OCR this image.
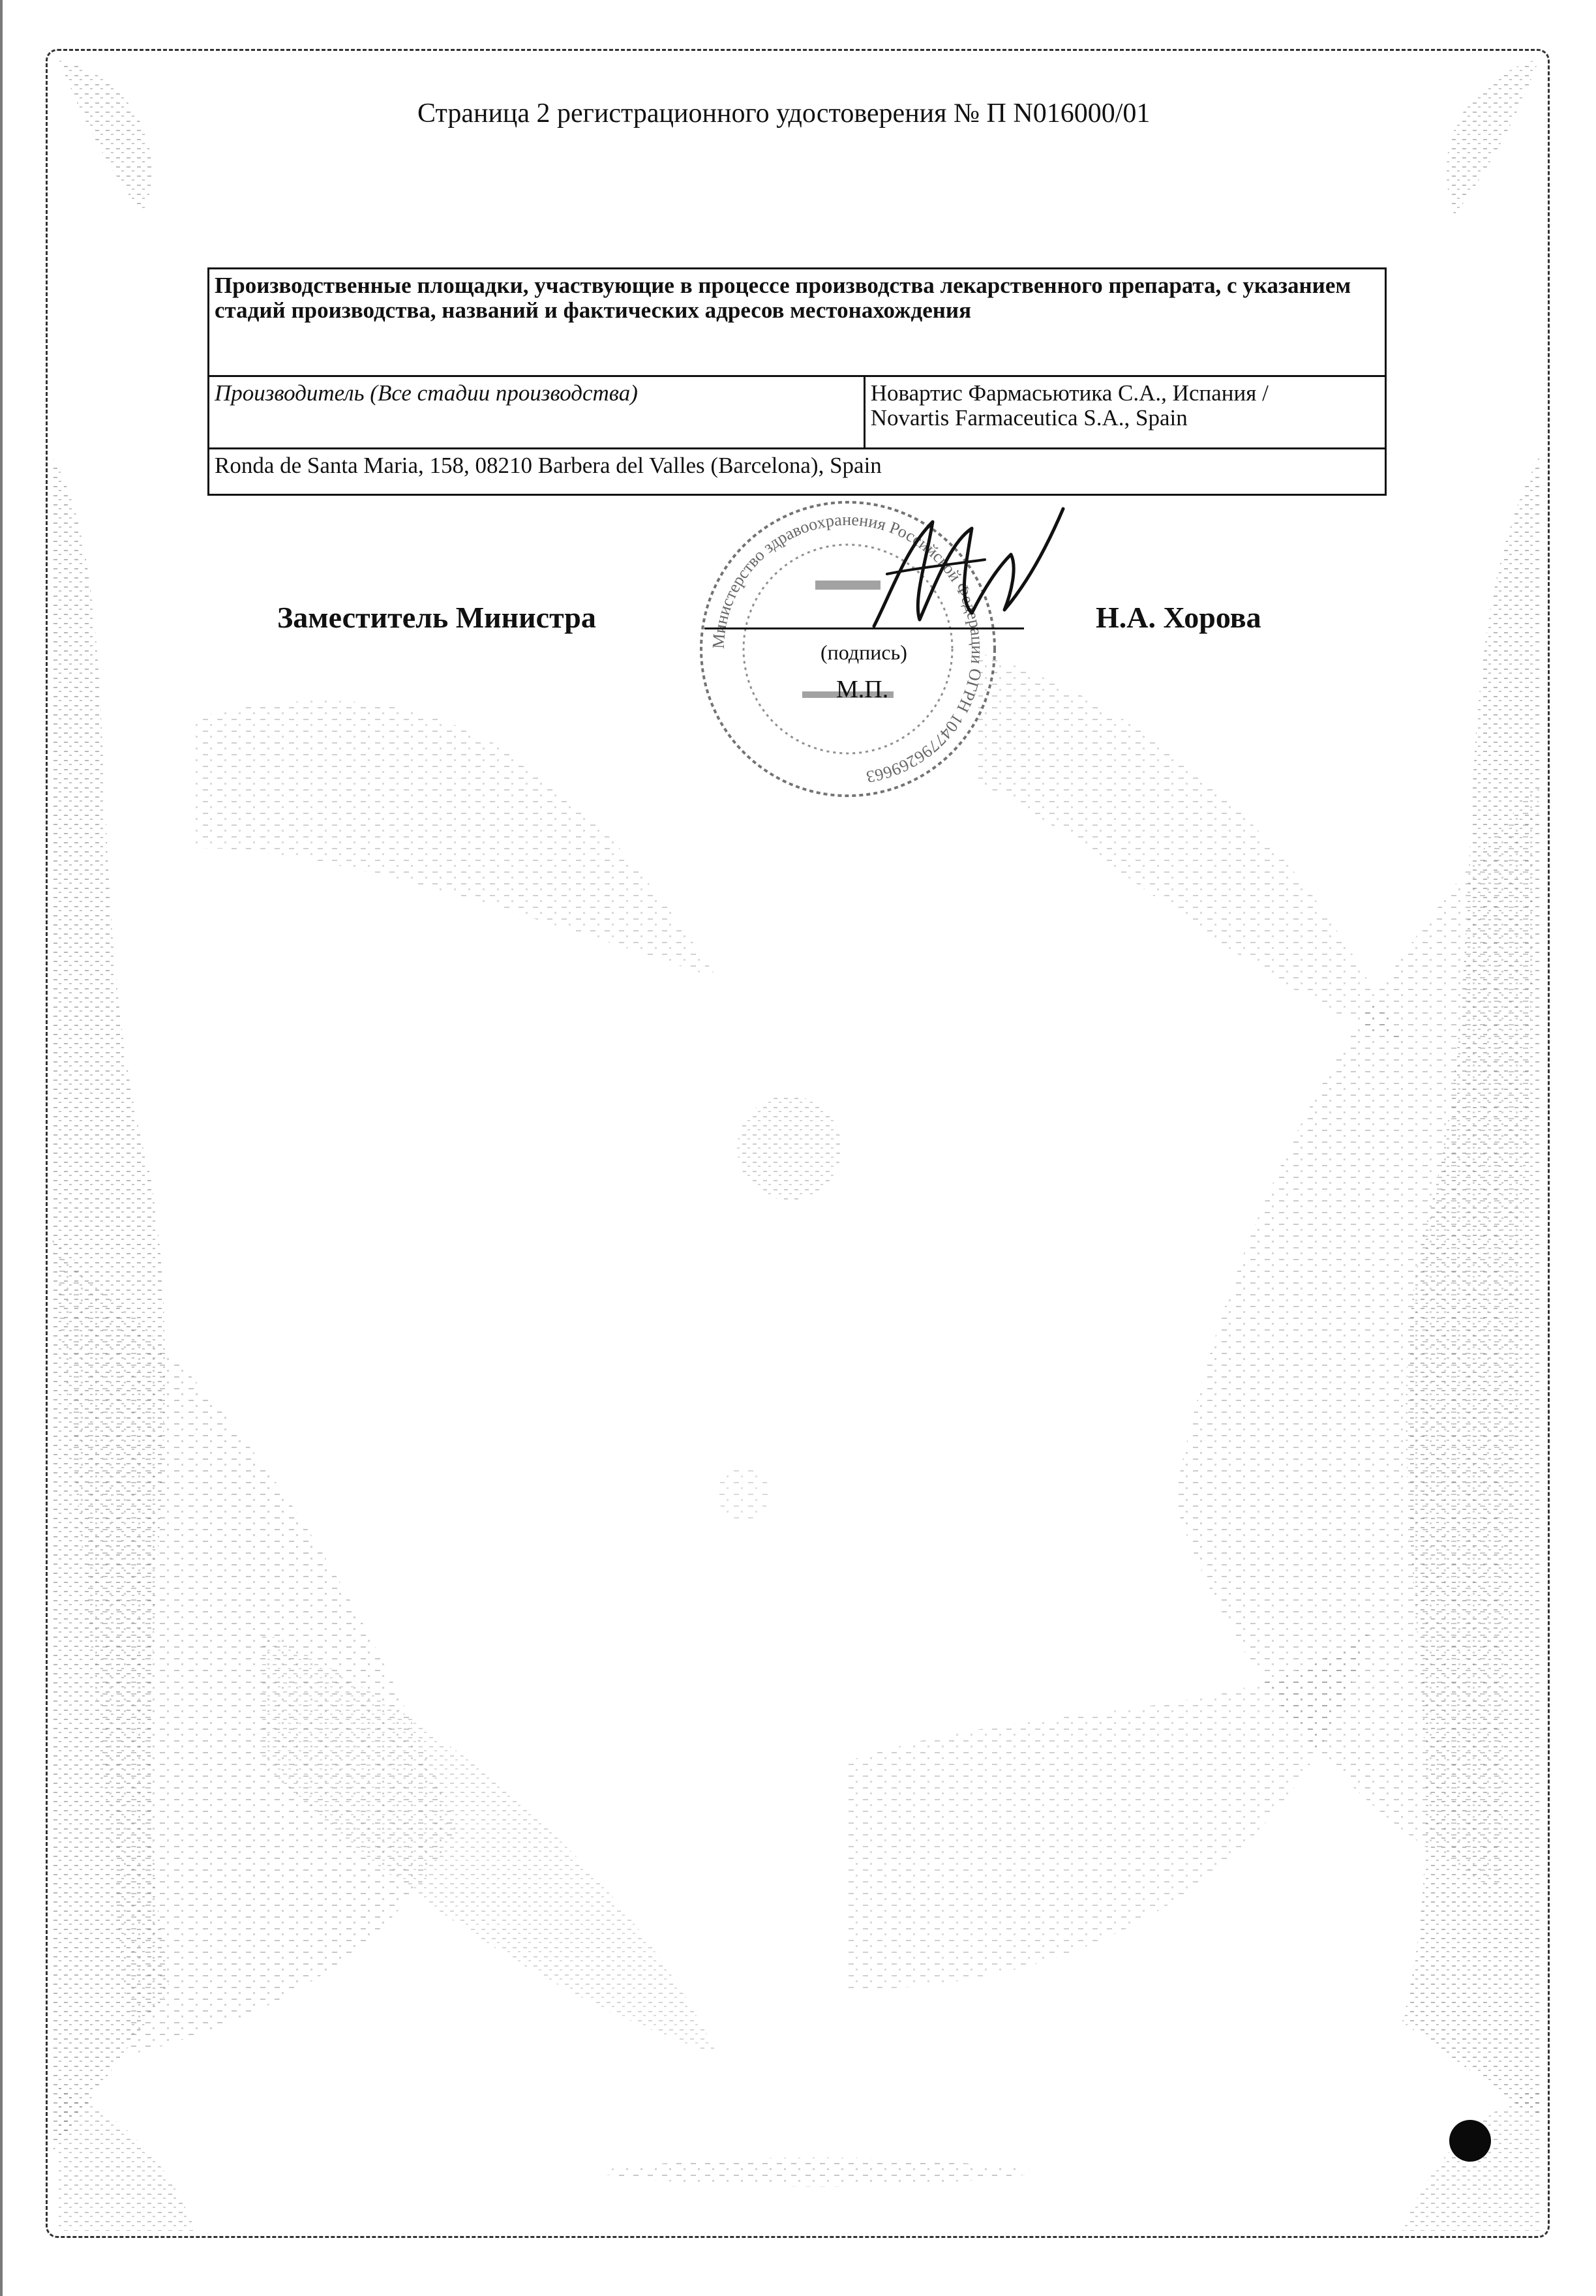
Страница 2 регистрационного удостоверения № П N016000/01
Производственные площадки, участвующие в процессе производства лекарственного препарата, с указанием стадий производства, названий и фактических адресов местонахождения
Производитель (Все стадии производства)	Новартис Фармасьютика С.А., Испания /
Novartis Farmaceutica S.A., Spain

Ronda de Santa Maria, 158, 08210 Barbera del Valles (Barcelona), Spain
Министерство здравоохранения Российской Федерации ОГРН 1047796269663
Заместитель Министра
(подпись)
М.П.
Н.А. Хорова
